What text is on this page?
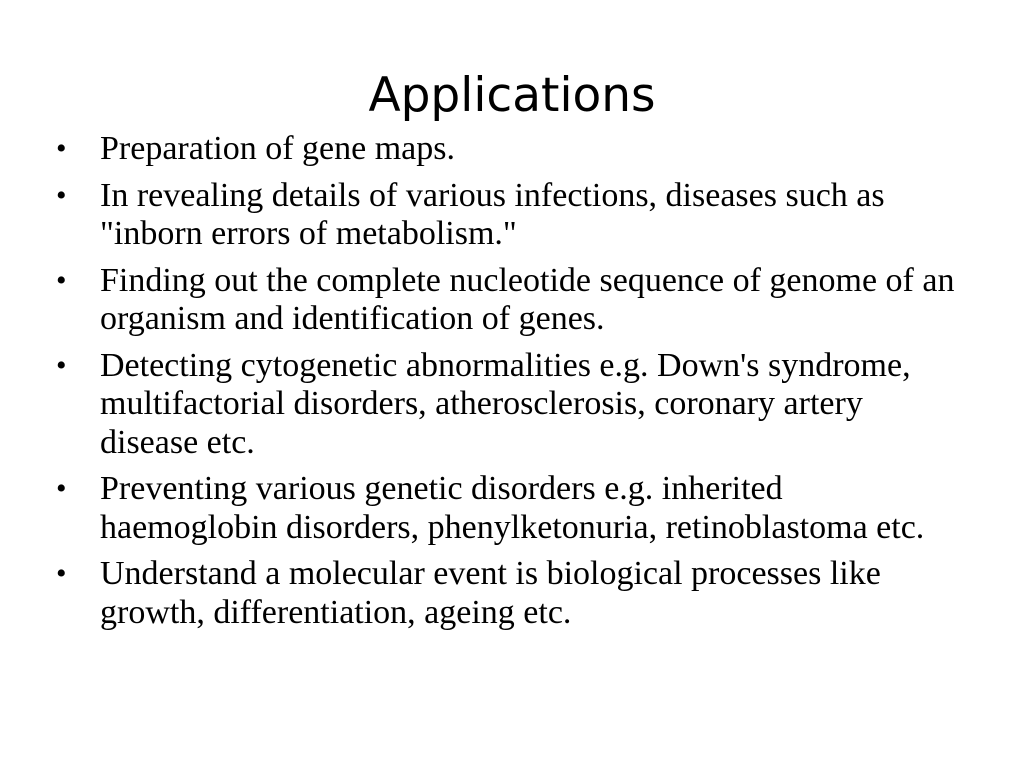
Applications
• Preparation of gene maps.
• In revealing details of various infections, diseases such as "inborn errors of metabolism."
• Finding out the complete nucleotide sequence of genome of an organism and identification of genes.
• Detecting cytogenetic abnormalities e.g. Down's syndrome, multifactorial disorders, atherosclerosis, coronary artery disease etc.
• Preventing various genetic disorders e.g. inherited haemoglobin disorders, phenylketonuria, retinoblastoma etc.
• Understand a molecular event is biological processes like growth, differentiation, ageing etc.
